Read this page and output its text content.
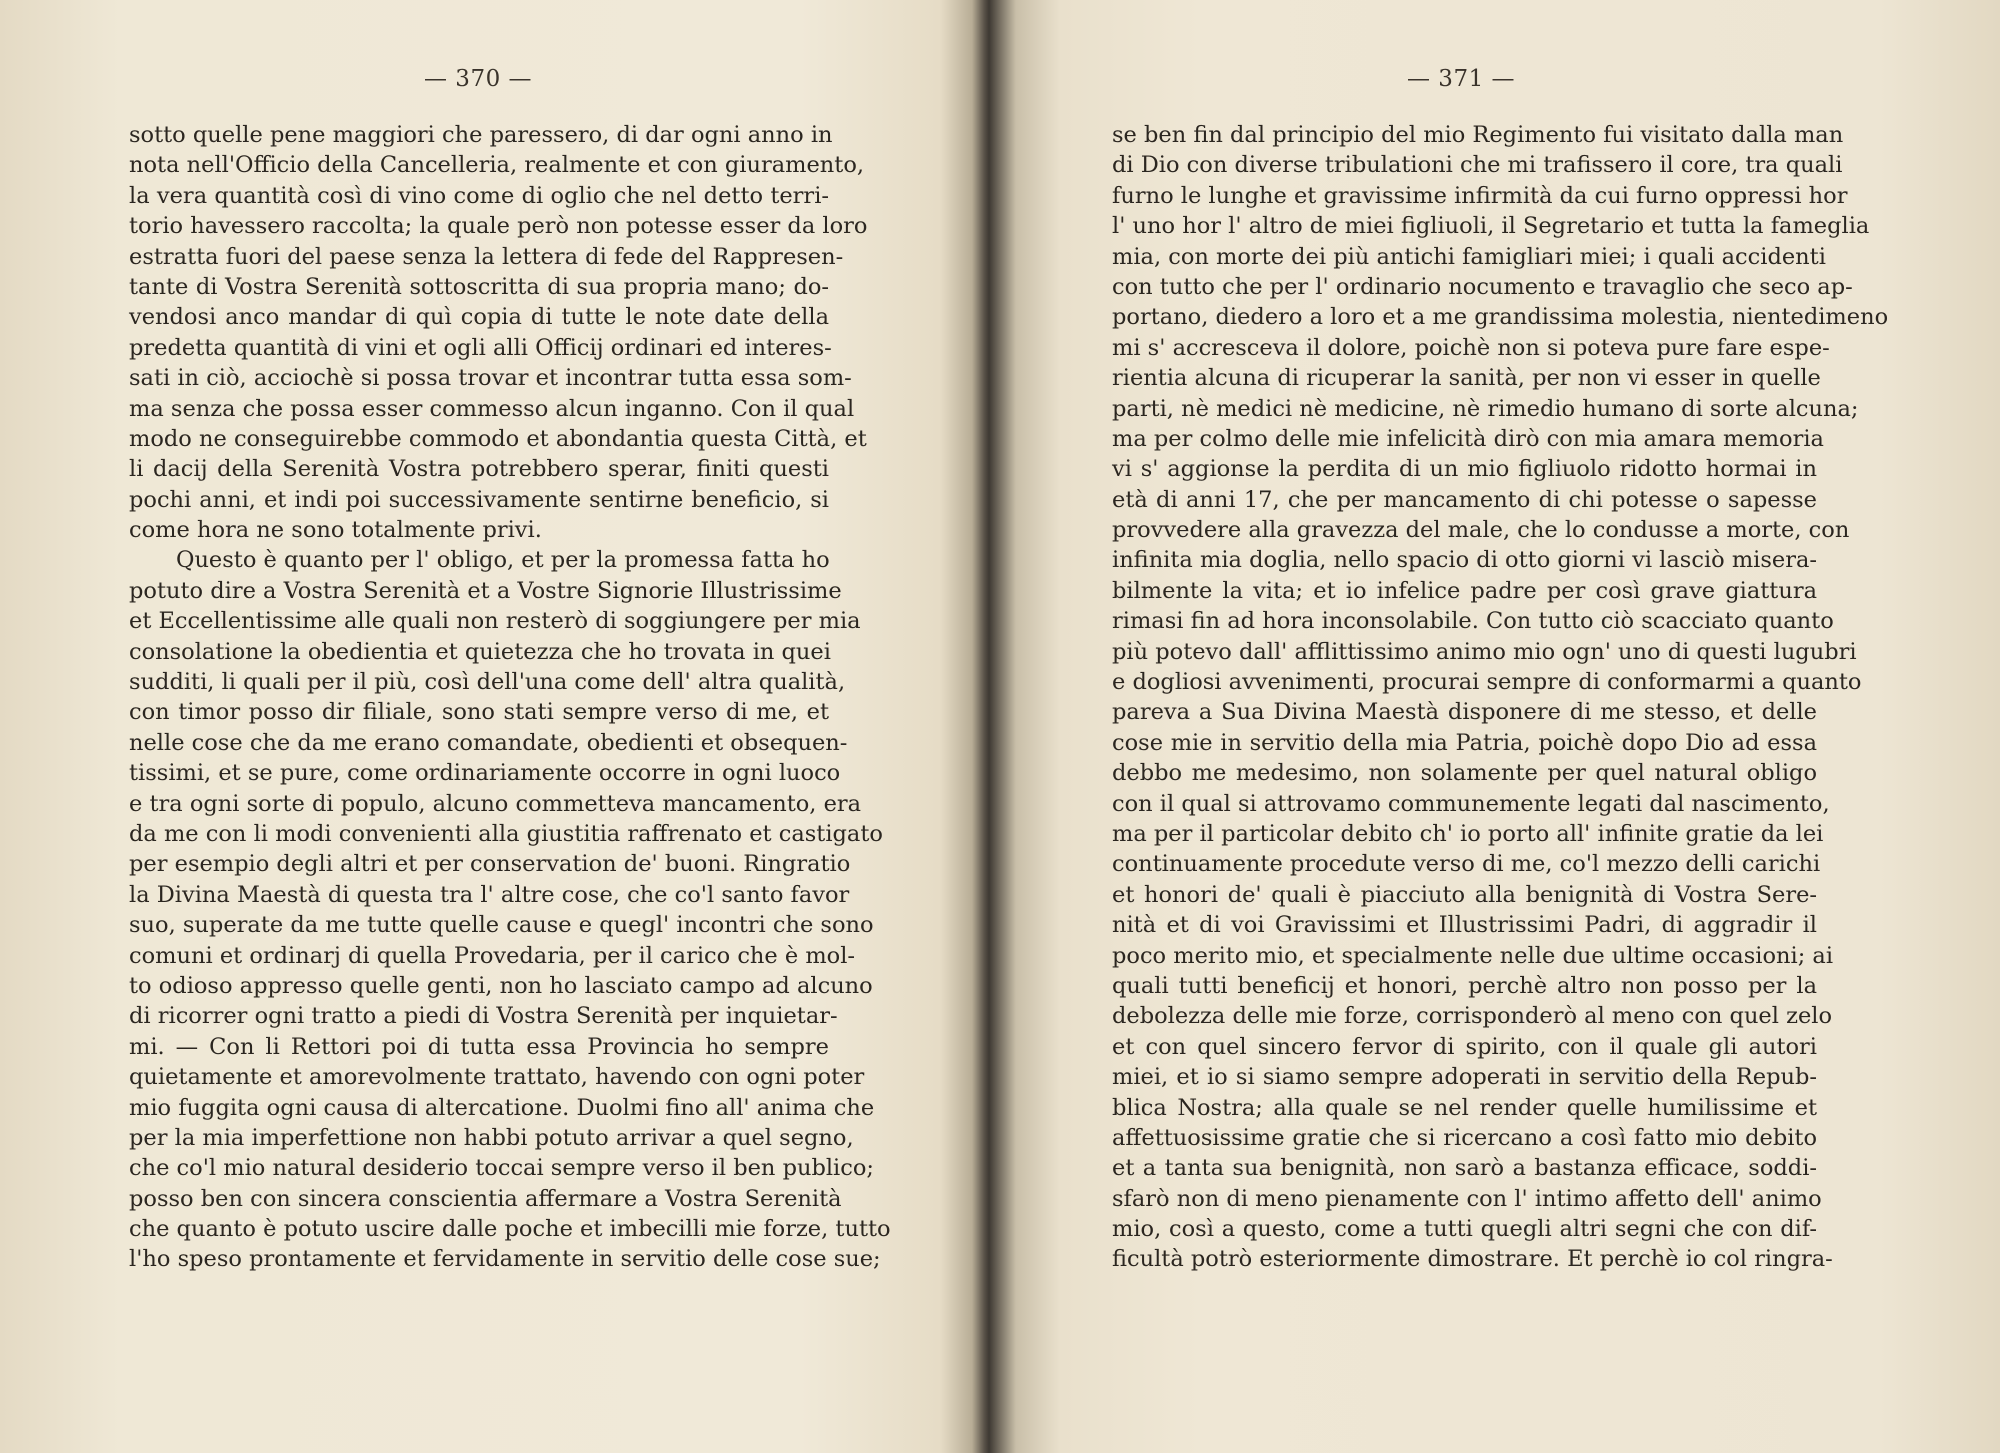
— 370 —
sotto quelle pene maggiori che paressero, di dar ogni anno in
nota nell'Officio della Cancelleria, realmente et con giuramento,
la vera quantità così di vino come di oglio che nel detto terri-
torio havessero raccolta; la quale però non potesse esser da loro
estratta fuori del paese senza la lettera di fede del Rappresen-
tante di Vostra Serenità sottoscritta di sua propria mano; do-
vendosi anco mandar di quì copia di tutte le note date della
predetta quantità di vini et ogli alli Officij ordinari ed interes-
sati in ciò, acciochè si possa trovar et incontrar tutta essa som-
ma senza che possa esser commesso alcun inganno. Con il qual
modo ne conseguirebbe commodo et abondantia questa Città, et
li dacij della Serenità Vostra potrebbero sperar, finiti questi
pochi anni, et indi poi successivamente sentirne beneficio, si
come hora ne sono totalmente privi.
Questo è quanto per l' obligo, et per la promessa fatta ho
potuto dire a Vostra Serenità et a Vostre Signorie Illustrissime
et Eccellentissime alle quali non resterò di soggiungere per mia
consolatione la obedientia et quietezza che ho trovata in quei
sudditi, li quali per il più, così dell'una come dell' altra qualità,
con timor posso dir filiale, sono stati sempre verso di me, et
nelle cose che da me erano comandate, obedienti et obsequen-
tissimi, et se pure, come ordinariamente occorre in ogni luoco
e tra ogni sorte di populo, alcuno commetteva mancamento, era
da me con li modi convenienti alla giustitia raffrenato et castigato
per esempio degli altri et per conservation de' buoni. Ringratio
la Divina Maestà di questa tra l' altre cose, che co'l santo favor
suo, superate da me tutte quelle cause e quegl' incontri che sono
comuni et ordinarj di quella Provedaria, per il carico che è mol-
to odioso appresso quelle genti, non ho lasciato campo ad alcuno
di ricorrer ogni tratto a piedi di Vostra Serenità per inquietar-
mi. — Con li Rettori poi di tutta essa Provincia ho sempre
quietamente et amorevolmente trattato, havendo con ogni poter
mio fuggita ogni causa di altercatione. Duolmi fino all' anima che
per la mia imperfettione non habbi potuto arrivar a quel segno,
che co'l mio natural desiderio toccai sempre verso il ben publico;
posso ben con sincera conscientia affermare a Vostra Serenità
che quanto è potuto uscire dalle poche et imbecilli mie forze, tutto
l'ho speso prontamente et fervidamente in servitio delle cose sue;
— 371 —
se ben fin dal principio del mio Regimento fui visitato dalla man
di Dio con diverse tribulationi che mi trafissero il core, tra quali
furno le lunghe et gravissime infirmità da cui furno oppressi hor
l' uno hor l' altro de miei figliuoli, il Segretario et tutta la fameglia
mia, con morte dei più antichi famigliari miei; i quali accidenti
con tutto che per l' ordinario nocumento e travaglio che seco ap-
portano, diedero a loro et a me grandissima molestia, nientedimeno
mi s' accresceva il dolore, poichè non si poteva pure fare espe-
rientia alcuna di ricuperar la sanità, per non vi esser in quelle
parti, nè medici nè medicine, nè rimedio humano di sorte alcuna;
ma per colmo delle mie infelicità dirò con mia amara memoria
vi s' aggionse la perdita di un mio figliuolo ridotto hormai in
età di anni 17, che per mancamento di chi potesse o sapesse
provvedere alla gravezza del male, che lo condusse a morte, con
infinita mia doglia, nello spacio di otto giorni vi lasciò misera-
bilmente la vita; et io infelice padre per così grave giattura
rimasi fin ad hora inconsolabile. Con tutto ciò scacciato quanto
più potevo dall' afflittissimo animo mio ogn' uno di questi lugubri
e dogliosi avvenimenti, procurai sempre di conformarmi a quanto
pareva a Sua Divina Maestà disponere di me stesso, et delle
cose mie in servitio della mia Patria, poichè dopo Dio ad essa
debbo me medesimo, non solamente per quel natural obligo
con il qual si attrovamo communemente legati dal nascimento,
ma per il particolar debito ch' io porto all' infinite gratie da lei
continuamente procedute verso di me, co'l mezzo delli carichi
et honori de' quali è piacciuto alla benignità di Vostra Sere-
nità et di voi Gravissimi et Illustrissimi Padri, di aggradir il
poco merito mio, et specialmente nelle due ultime occasioni; ai
quali tutti beneficij et honori, perchè altro non posso per la
debolezza delle mie forze, corrisponderò al meno con quel zelo
et con quel sincero fervor di spirito, con il quale gli autori
miei, et io si siamo sempre adoperati in servitio della Repub-
blica Nostra; alla quale se nel render quelle humilissime et
affettuosissime gratie che si ricercano a così fatto mio debito
et a tanta sua benignità, non sarò a bastanza efficace, soddi-
sfarò non di meno pienamente con l' intimo affetto dell' animo
mio, così a questo, come a tutti quegli altri segni che con dif-
ficultà potrò esteriormente dimostrare. Et perchè io col ringra-
